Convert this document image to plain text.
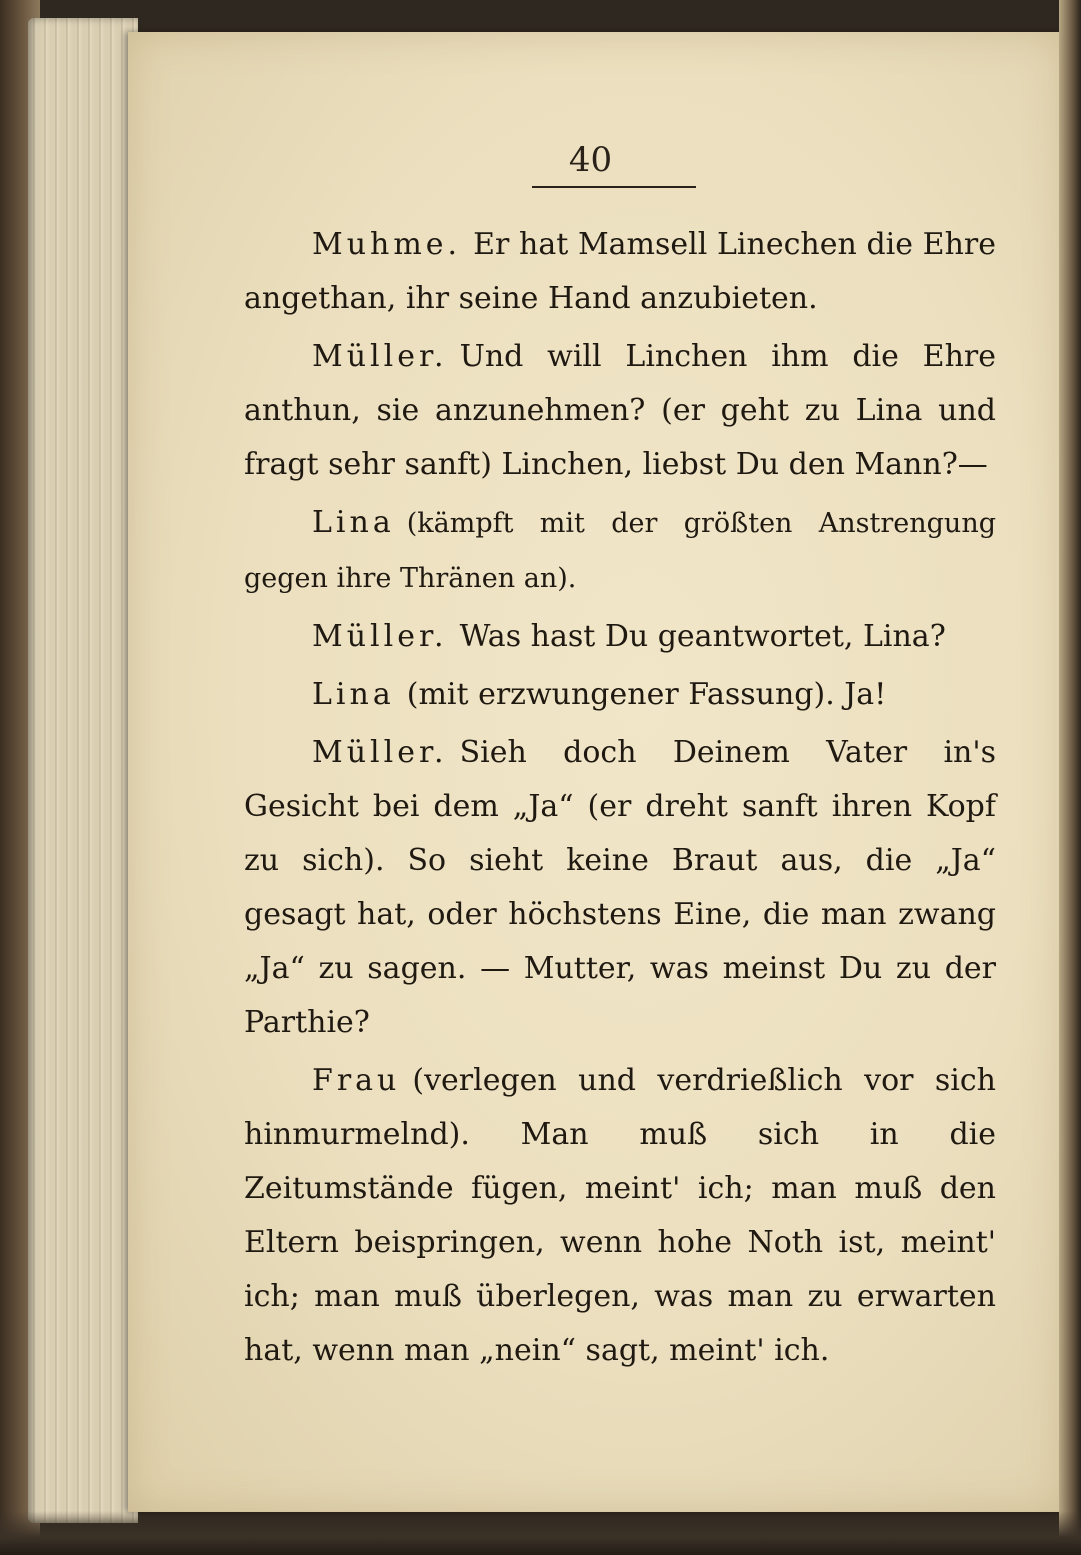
40

Muhme. Er hat Mamsell Linechen die Ehre angethan, ihr seine Hand anzubieten.

Müller. Und will Linchen ihm die Ehre anthun, sie anzunehmen? (er geht zu Lina und fragt sehr sanft) Linchen, liebst Du den Mann?—

Lina (kämpft mit der größten Anstrengung gegen ihre Thränen an).

Müller. Was hast Du geantwortet, Lina?

Lina (mit erzwungener Fassung). Ja!

Müller. Sieh doch Deinem Vater in's Gesicht bei dem „Ja“ (er dreht sanft ihren Kopf zu sich). So sieht keine Braut aus, die „Ja“ gesagt hat, oder höchstens Eine, die man zwang „Ja“ zu sagen. — Mutter, was meinst Du zu der Parthie?

Frau (verlegen und verdrießlich vor sich hinmurmelnd). Man muß sich in die Zeitumstände fügen, meint' ich; man muß den Eltern beispringen, wenn hohe Noth ist, meint' ich; man muß überlegen, was man zu erwarten hat, wenn man „nein“ sagt, meint' ich.
